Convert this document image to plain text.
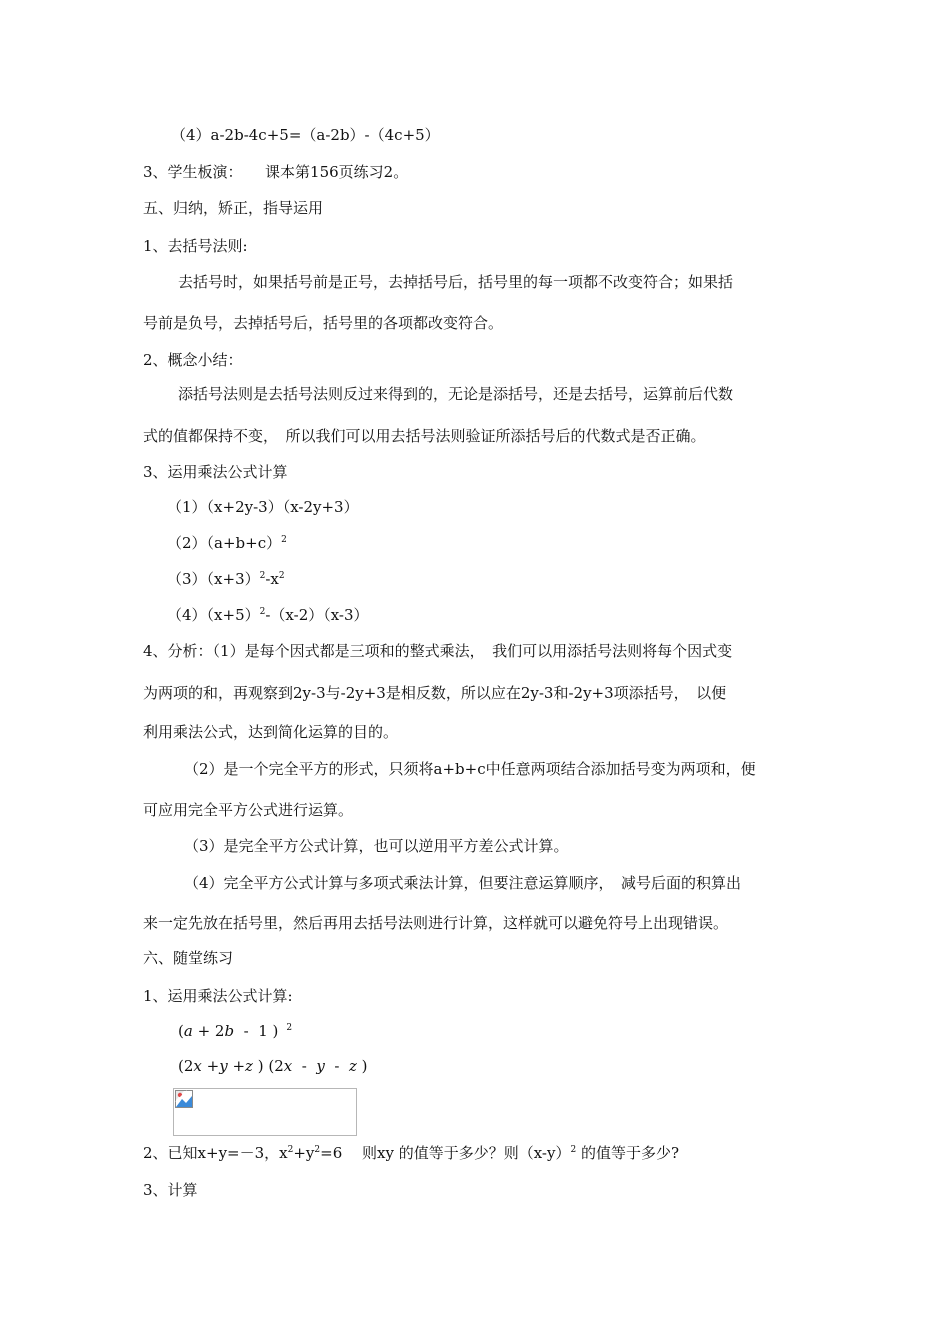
（4）a-2b-4c+5=（a-2b）-（4c+5）
3、学生板演：　　课本第156页练习2。
五、归纳，矫正，指导运用
1、去括号法则:
去括号时，如果括号前是正号，去掉括号后，括号里的每一项都不改变符合；如果括
号前是负号，去掉括号后，括号里的各项都改变符合。
2、概念小结：
添括号法则是去括号法则反过来得到的，无论是添括号，还是去括号，运算前后代数
式的值都保持不变，　所以我们可以用去括号法则验证所添括号后的代数式是否正确。
3、运用乘法公式计算
（1）（x+2y-3）（x-2y+3）
$(2)(a+b+c)^2$
$(3)(x+3)^2-x^2$
$(4)(x+5)^2-(x-2)(x-3)$
4、分析：（1）是每个因式都是三项和的整式乘法，　我们可以用添括号法则将每个因式变
为两项的和，再观察到2y-3与-2y+3是相反数，所以应在2y-3和-2y+3项添括号，　以便
利用乘法公式，达到简化运算的目的。
（2）是一个完全平方的形式，只须将a+b+c中任意两项结合添加括号变为两项和，便
可应用完全平方公式进行运算。
（3）是完全平方公式计算，也可以逆用平方差公式计算。
（4）完全平方公式计算与多项式乘法计算，但要注意运算顺序，　减号后面的积算出
来一定先放在括号里，然后再用去括号法则进行计算，这样就可以避免符号上出现错误。
六、随堂练习
1、运用乘法公式计算:
(a + 2b  -  1 ) $^2$
(2x +y +z ) (2x  -  y  -  z )
2、已知x+y=－3，$x^2+y^2=6$　 则xy 的值等于多少？则$(x-y)^2$ 的值等于多少?
3、计算
